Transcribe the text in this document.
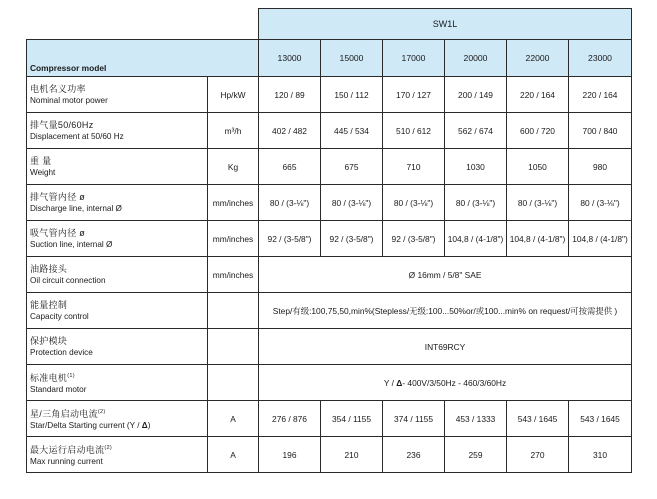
		SW1L					
Compressor model		13000	15000	17000	20000	22000	23000

电机名义功率
Nominal motor power	Hp/kW	120 / 89	150 / 112	170 / 127	200 / 149	220 / 164	220 / 164

排气量50/60Hz
Displacement at 50/60 Hz	m³/h	402 / 482	445 / 534	510 / 612	562 / 674	600 / 720	700 / 840

重 量
Weight	Kg	665	675	710	1030	1050	980

排气管内径 ø
Discharge line, internal Ø	mm/inches	80 / (3-⅛")	80 / (3-⅛")	80 / (3-⅛")	80 / (3-⅛")	80 / (3-⅛")	80 / (3-⅛")

吸气管内径 ø
Suction line, internal Ø	mm/inches	92 / (3-5/8")	92 / (3-5/8")	92 / (3-5/8")	104,8 / (4-1/8")	104,8 / (4-1/8")	104,8 / (4-1/8")

油路接头
Oil circuit connection	mm/inches	Ø 16mm / 5/8" SAE					

能量控制
Capacity control		Step/有级:100,75,50,min%(Stepless/无级:100...50%or/或100...min% on request/可按需提供 )					

保护模块
Protection device		INT69RCY					

标准电机$^{(1)}$
Standard motor		Y / Δ- 400V/3/50Hz - 460/3/60Hz					

星/三角启动电流$^{(2)}$
Star/Delta Starting current (Y / Δ)	A	276 / 876	354 / 1155	374 / 1155	453 / 1333	543 / 1645	543 / 1645

最大运行启动电流$^{(2)}$
Max running current	A	196	210	236	259	270	310
